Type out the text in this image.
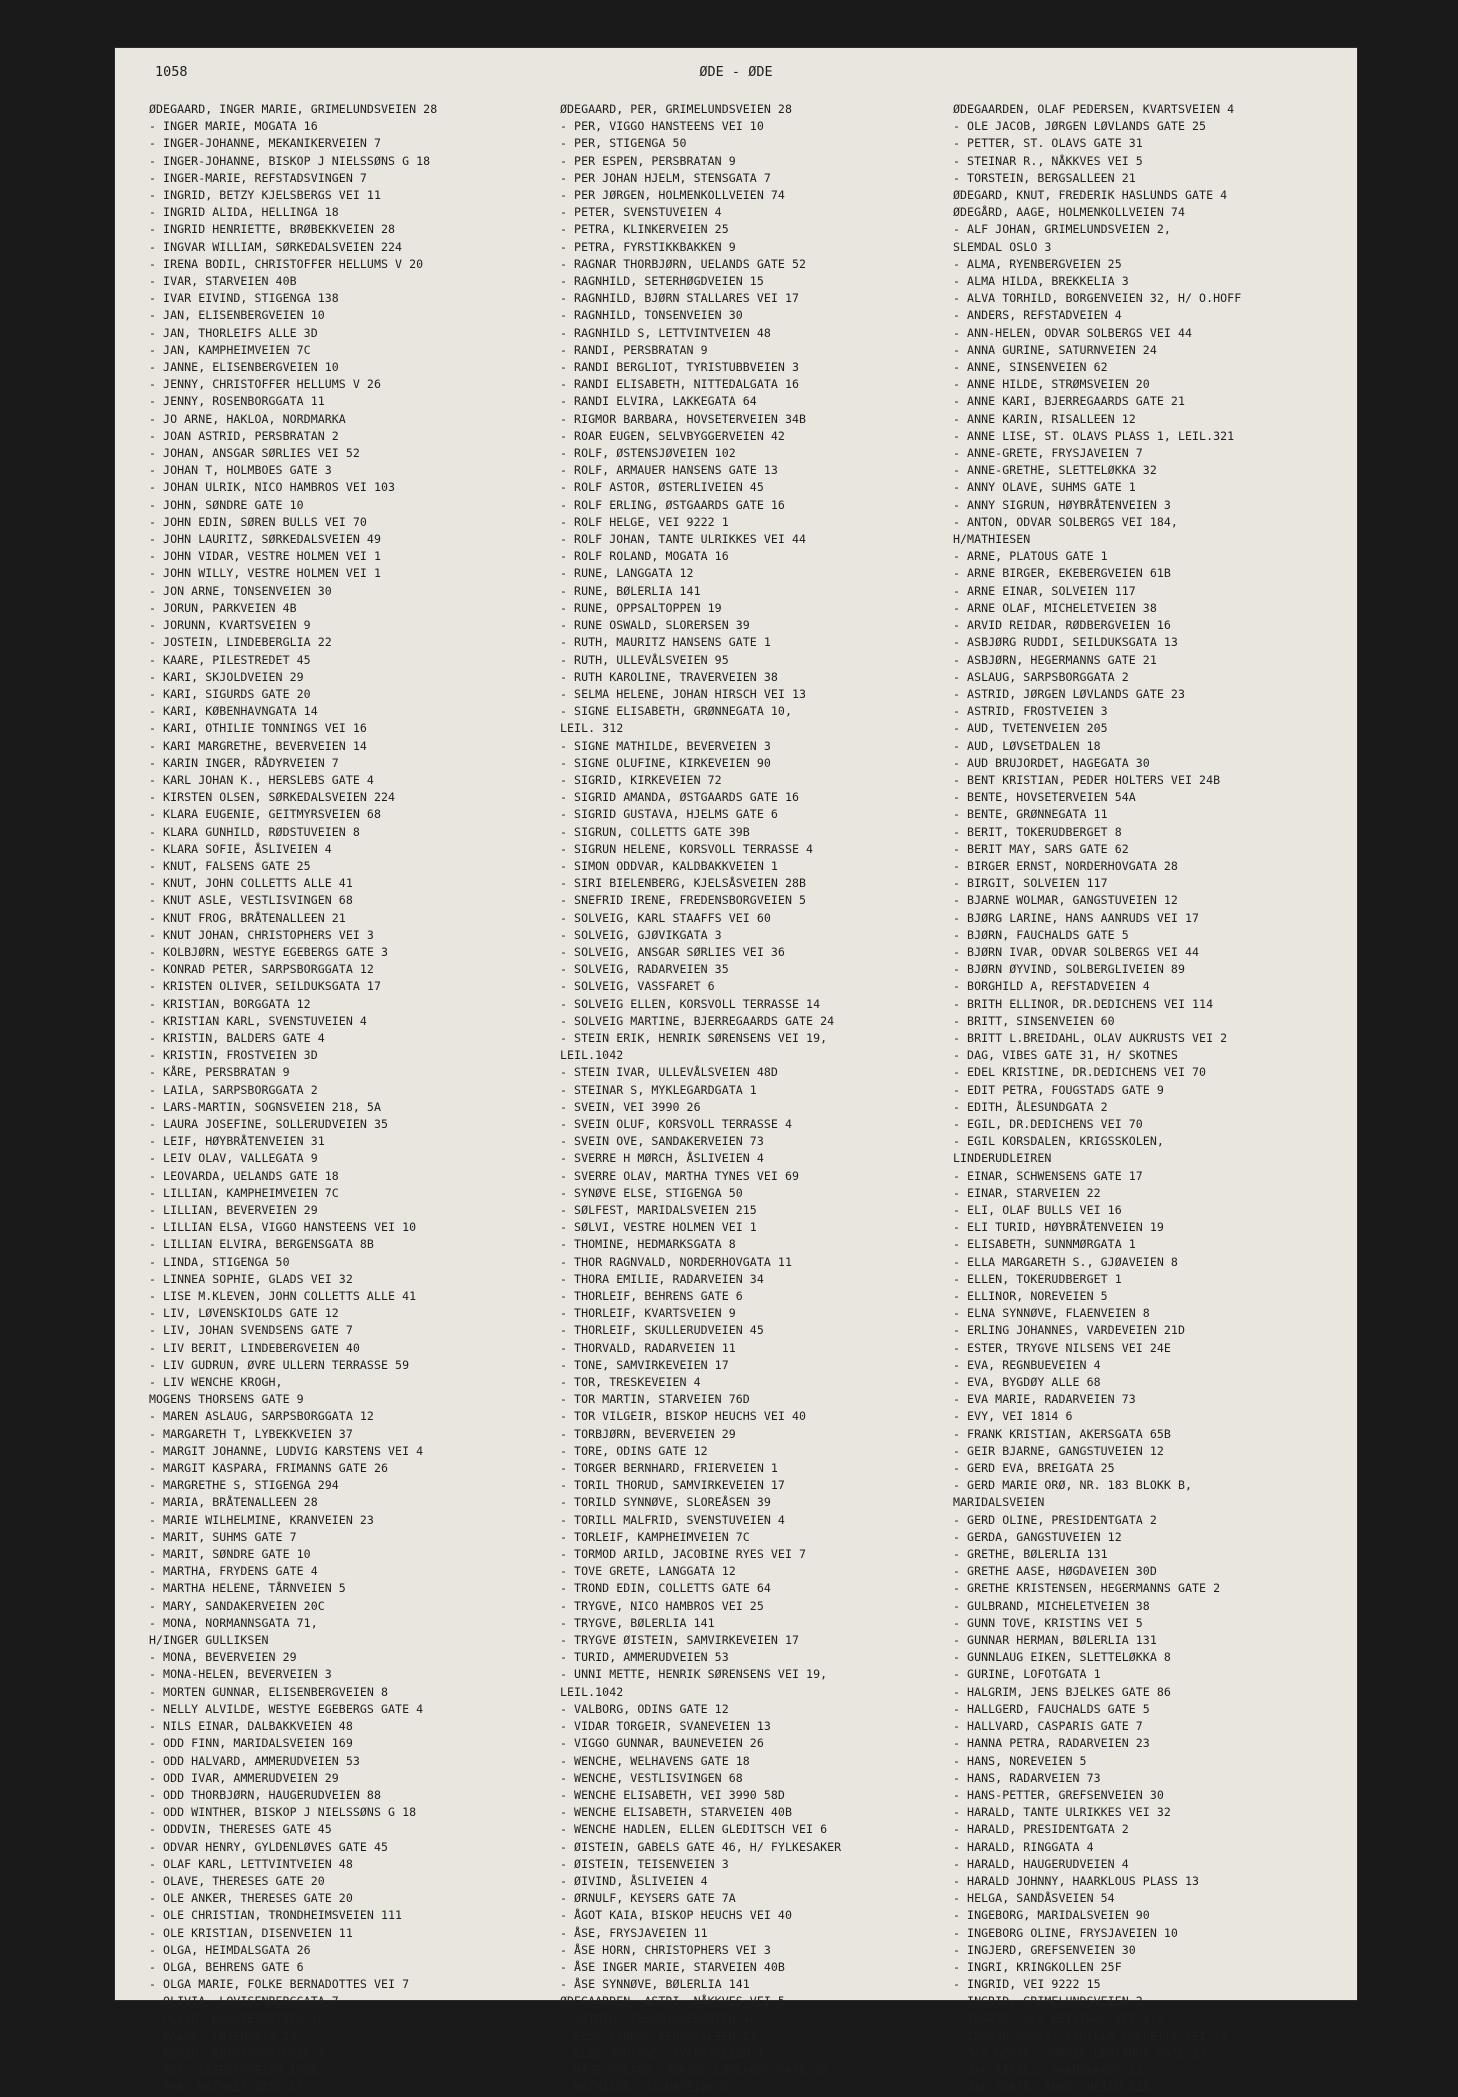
1058	ØDE - ØDE
ØDEGAARD, INGER MARIE, GRIMELUNDSVEIEN 28
- INGER MARIE, MOGATA 16
- INGER-JOHANNE, MEKANIKERVEIEN 7
- INGER-JOHANNE, BISKOP J NIELSSØNS G 18
- INGER-MARIE, REFSTADSVINGEN 7
- INGRID, BETZY KJELSBERGS VEI 11
- INGRID ALIDA, HELLINGA 18
- INGRID HENRIETTE, BRØBEKKVEIEN 28
- INGVAR WILLIAM, SØRKEDALSVEIEN 224
- IRENA BODIL, CHRISTOFFER HELLUMS V 20
- IVAR, STARVEIEN 40B
- IVAR EIVIND, STIGENGA 138
- JAN, ELISENBERGVEIEN 10
- JAN, THORLEIFS ALLE 3D
- JAN, KAMPHEIMVEIEN 7C
- JANNE, ELISENBERGVEIEN 10
- JENNY, CHRISTOFFER HELLUMS V 26
- JENNY, ROSENBORGGATA 11
- JO ARNE, HAKLOA, NORDMARKA
- JOAN ASTRID, PERSBRATAN 2
- JOHAN, ANSGAR SØRLIES VEI 52
- JOHAN T, HOLMBOES GATE 3
- JOHAN ULRIK, NICO HAMBROS VEI 103
- JOHN, SØNDRE GATE 10
- JOHN EDIN, SØREN BULLS VEI 70
- JOHN LAURITZ, SØRKEDALSVEIEN 49
- JOHN VIDAR, VESTRE HOLMEN VEI 1
- JOHN WILLY, VESTRE HOLMEN VEI 1
- JON ARNE, TONSENVEIEN 30
- JORUN, PARKVEIEN 4B
- JORUNN, KVARTSVEIEN 9
- JOSTEIN, LINDEBERGLIA 22
- KAARE, PILESTREDET 45
- KARI, SKJOLDVEIEN 29
- KARI, SIGURDS GATE 20
- KARI, KØBENHAVNGATA 14
- KARI, OTHILIE TONNINGS VEI 16
- KARI MARGRETHE, BEVERVEIEN 14
- KARIN INGER, RÅDYRVEIEN 7
- KARL JOHAN K., HERSLEBS GATE 4
- KIRSTEN OLSEN, SØRKEDALSVEIEN 224
- KLARA EUGENIE, GEITMYRSVEIEN 68
- KLARA GUNHILD, RØDSTUVEIEN 8
- KLARA SOFIE, ÅSLIVEIEN 4
- KNUT, FALSENS GATE 25
- KNUT, JOHN COLLETTS ALLE 41
- KNUT ASLE, VESTLISVINGEN 68
- KNUT FROG, BRÅTENALLEEN 21
- KNUT JOHAN, CHRISTOPHERS VEI 3
- KOLBJØRN, WESTYE EGEBERGS GATE 3
- KONRAD PETER, SARPSBORGGATA 12
- KRISTEN OLIVER, SEILDUKSGATA 17
- KRISTIAN, BORGGATA 12
- KRISTIAN KARL, SVENSTUVEIEN 4
- KRISTIN, BALDERS GATE 4
- KRISTIN, FROSTVEIEN 3D
- KÅRE, PERSBRATAN 9
- LAILA, SARPSBORGGATA 2
- LARS-MARTIN, SOGNSVEIEN 218, 5A
- LAURA JOSEFINE, SOLLERUDVEIEN 35
- LEIF, HØYBRÅTENVEIEN 31
- LEIV OLAV, VALLEGATA 9
- LEOVARDA, UELANDS GATE 18
- LILLIAN, KAMPHEIMVEIEN 7C
- LILLIAN, BEVERVEIEN 29
- LILLIAN ELSA, VIGGO HANSTEENS VEI 10
- LILLIAN ELVIRA, BERGENSGATA 8B
- LINDA, STIGENGA 50
- LINNEA SOPHIE, GLADS VEI 32
- LISE M.KLEVEN, JOHN COLLETTS ALLE 41
- LIV, LØVENSKIOLDS GATE 12
- LIV, JOHAN SVENDSENS GATE 7
- LIV BERIT, LINDEBERGVEIEN 40
- LIV GUDRUN, ØVRE ULLERN TERRASSE 59
- LIV WENCHE KROGH,
MOGENS THORSENS GATE 9
- MAREN ASLAUG, SARPSBORGGATA 12
- MARGARETH T, LYBEKKVEIEN 37
- MARGIT JOHANNE, LUDVIG KARSTENS VEI 4
- MARGIT KASPARA, FRIMANNS GATE 26
- MARGRETHE S, STIGENGA 294
- MARIA, BRÅTENALLEEN 28
- MARIE WILHELMINE, KRANVEIEN 23
- MARIT, SUHMS GATE 7
- MARIT, SØNDRE GATE 10
- MARTHA, FRYDENS GATE 4
- MARTHA HELENE, TÅRNVEIEN 5
- MARY, SANDAKERVEIEN 20C
- MONA, NORMANNSGATA 71,
H/INGER GULLIKSEN
- MONA, BEVERVEIEN 29
- MONA-HELEN, BEVERVEIEN 3
- MORTEN GUNNAR, ELISENBERGVEIEN 8
- NELLY ALVILDE, WESTYE EGEBERGS GATE 4
- NILS EINAR, DALBAKKVEIEN 48
- ODD FINN, MARIDALSVEIEN 169
- ODD HALVARD, AMMERUDVEIEN 53
- ODD IVAR, AMMERUDVEIEN 29
- ODD THORBJØRN, HAUGERUDVEIEN 88
- ODD WINTHER, BISKOP J NIELSSØNS G 18
- ODDVIN, THERESES GATE 45
- ODVAR HENRY, GYLDENLØVES GATE 45
- OLAF KARL, LETTVINTVEIEN 48
- OLAVE, THERESES GATE 20
- OLE ANKER, THERESES GATE 20
- OLE CHRISTIAN, TRONDHEIMSVEIEN 111
- OLE KRISTIAN, DISENVEIEN 11
- OLGA, HEIMDALSGATA 26
- OLGA, BEHRENS GATE 6
- OLGA MARIE, FOLKE BERNADOTTES VEI 7
- OLIVIA, LOVISENBERGGATA 7
- OSKAR, DALSBERGSTIEN 10
- PALMA, TØYENGATA 28
- PEDER, REFSTADSVINGEN 7
- PER, EKEBERGVEIEN 162B
- PER, RATHKES GATE 17
ØDEGAARD, PER, GRIMELUNDSVEIEN 28
- PER, VIGGO HANSTEENS VEI 10
- PER, STIGENGA 50
- PER ESPEN, PERSBRATAN 9
- PER JOHAN HJELM, STENSGATA 7
- PER JØRGEN, HOLMENKOLLVEIEN 74
- PETER, SVENSTUVEIEN 4
- PETRA, KLINKERVEIEN 25
- PETRA, FYRSTIKKBAKKEN 9
- RAGNAR THORBJØRN, UELANDS GATE 52
- RAGNHILD, SETERHØGDVEIEN 15
- RAGNHILD, BJØRN STALLARES VEI 17
- RAGNHILD, TONSENVEIEN 30
- RAGNHILD S, LETTVINTVEIEN 48
- RANDI, PERSBRATAN 9
- RANDI BERGLIOT, TYRISTUBBVEIEN 3
- RANDI ELISABETH, NITTEDALGATA 16
- RANDI ELVIRA, LAKKEGATA 64
- RIGMOR BARBARA, HOVSETERVEIEN 34B
- ROAR EUGEN, SELVBYGGERVEIEN 42
- ROLF, ØSTENSJØVEIEN 102
- ROLF, ARMAUER HANSENS GATE 13
- ROLF ASTOR, ØSTERLIVEIEN 45
- ROLF ERLING, ØSTGAARDS GATE 16
- ROLF HELGE, VEI 9222 1
- ROLF JOHAN, TANTE ULRIKKES VEI 44
- ROLF ROLAND, MOGATA 16
- RUNE, LANGGATA 12
- RUNE, BØLERLIA 141
- RUNE, OPPSALTOPPEN 19
- RUNE OSWALD, SLORERSEN 39
- RUTH, MAURITZ HANSENS GATE 1
- RUTH, ULLEVÅLSVEIEN 95
- RUTH KAROLINE, TRAVERVEIEN 38
- SELMA HELENE, JOHAN HIRSCH VEI 13
- SIGNE ELISABETH, GRØNNEGATA 10,
LEIL. 312
- SIGNE MATHILDE, BEVERVEIEN 3
- SIGNE OLUFINE, KIRKEVEIEN 90
- SIGRID, KIRKEVEIEN 72
- SIGRID AMANDA, ØSTGAARDS GATE 16
- SIGRID GUSTAVA, HJELMS GATE 6
- SIGRUN, COLLETTS GATE 39B
- SIGRUN HELENE, KORSVOLL TERRASSE 4
- SIMON ODDVAR, KALDBAKKVEIEN 1
- SIRI BIELENBERG, KJELSÅSVEIEN 28B
- SNEFRID IRENE, FREDENSBORGVEIEN 5
- SOLVEIG, KARL STAAFFS VEI 60
- SOLVEIG, GJØVIKGATA 3
- SOLVEIG, ANSGAR SØRLIES VEI 36
- SOLVEIG, RADARVEIEN 35
- SOLVEIG, VASSFARET 6
- SOLVEIG ELLEN, KORSVOLL TERRASSE 14
- SOLVEIG MARTINE, BJERREGAARDS GATE 24
- STEIN ERIK, HENRIK SØRENSENS VEI 19,
LEIL.1042
- STEIN IVAR, ULLEVÅLSVEIEN 48D
- STEINAR S, MYKLEGARDGATA 1
- SVEIN, VEI 3990 26
- SVEIN OLUF, KORSVOLL TERRASSE 4
- SVEIN OVE, SANDAKERVEIEN 73
- SVERRE H MØRCH, ÅSLIVEIEN 4
- SVERRE OLAV, MARTHA TYNES VEI 69
- SYNØVE ELSE, STIGENGA 50
- SØLFEST, MARIDALSVEIEN 215
- SØLVI, VESTRE HOLMEN VEI 1
- THOMINE, HEDMARKSGATA 8
- THOR RAGNVALD, NORDERHOVGATA 11
- THORA EMILIE, RADARVEIEN 34
- THORLEIF, BEHRENS GATE 6
- THORLEIF, KVARTSVEIEN 9
- THORLEIF, SKULLERUDVEIEN 45
- THORVALD, RADARVEIEN 11
- TONE, SAMVIRKEVEIEN 17
- TOR, TRESKEVEIEN 4
- TOR MARTIN, STARVEIEN 76D
- TOR VILGEIR, BISKOP HEUCHS VEI 40
- TORBJØRN, BEVERVEIEN 29
- TORE, ODINS GATE 12
- TORGER BERNHARD, FRIERVEIEN 1
- TORIL THORUD, SAMVIRKEVEIEN 17
- TORILD SYNNØVE, SLOREÅSEN 39
- TORILL MALFRID, SVENSTUVEIEN 4
- TORLEIF, KAMPHEIMVEIEN 7C
- TORMOD ARILD, JACOBINE RYES VEI 7
- TOVE GRETE, LANGGATA 12
- TROND EDIN, COLLETTS GATE 64
- TRYGVE, NICO HAMBROS VEI 25
- TRYGVE, BØLERLIA 141
- TRYGVE ØISTEIN, SAMVIRKEVEIEN 17
- TURID, AMMERUDVEIEN 53
- UNNI METTE, HENRIK SØRENSENS VEI 19,
LEIL.1042
- VALBORG, ODINS GATE 12
- VIDAR TORGEIR, SVANEVEIEN 13
- VIGGO GUNNAR, BAUNEVEIEN 26
- WENCHE, WELHAVENS GATE 18
- WENCHE, VESTLISVINGEN 68
- WENCHE ELISABETH, VEI 3990 58D
- WENCHE ELISABETH, STARVEIEN 40B
- WENCHE HADLEN, ELLEN GLEDITSCH VEI 6
- ØISTEIN, GABELS GATE 46, H/ FYLKESAKER
- ØISTEIN, TEISENVEIEN 3
- ØIVIND, ÅSLIVEIEN 4
- ØRNULF, KEYSERS GATE 7A
- ÅGOT KAIA, BISKOP HEUCHS VEI 40
- ÅSE, FRYSJAVEIEN 11
- ÅSE HORN, CHRISTOPHERS VEI 3
- ÅSE INGER MARIE, STARVEIEN 40B
- ÅSE SYNNØVE, BØLERLIA 141
ØDEGAARDEN, ASTRI, NÅKKVES VEI 5
- ASTRID, SELVBYGGERVEIEN 46
- ELSE BJØRG, BERGSALLEEN 21
- ELSE JOHANNE, KVARTSVEIEN 4
- HÅGE OMLAND, JØRGEN LØVLANDS GATE 25
- MATHILDE, SILURVEIEN 8
ØDEGAARDEN, OLAF PEDERSEN, KVARTSVEIEN 4
- OLE JACOB, JØRGEN LØVLANDS GATE 25
- PETTER, ST. OLAVS GATE 31
- STEINAR R., NÅKKVES VEI 5
- TORSTEIN, BERGSALLEEN 21
ØDEGARD, KNUT, FREDERIK HASLUNDS GATE 4
ØDEGÅRD, AAGE, HOLMENKOLLVEIEN 74
- ALF JOHAN, GRIMELUNDSVEIEN 2,
SLEMDAL OSLO 3
- ALMA, RYENBERGVEIEN 25
- ALMA HILDA, BREKKELIA 3
- ALVA TORHILD, BORGENVEIEN 32, H/ O.HOFF
- ANDERS, REFSTADVEIEN 4
- ANN-HELEN, ODVAR SOLBERGS VEI 44
- ANNA GURINE, SATURNVEIEN 24
- ANNE, SINSENVEIEN 62
- ANNE HILDE, STRØMSVEIEN 20
- ANNE KARI, BJERREGAARDS GATE 21
- ANNE KARIN, RISALLEEN 12
- ANNE LISE, ST. OLAVS PLASS 1, LEIL.321
- ANNE-GRETE, FRYSJAVEIEN 7
- ANNE-GRETHE, SLETTELØKKA 32
- ANNY OLAVE, SUHMS GATE 1
- ANNY SIGRUN, HØYBRÅTENVEIEN 3
- ANTON, ODVAR SOLBERGS VEI 184,
H/MATHIESEN
- ARNE, PLATOUS GATE 1
- ARNE BIRGER, EKEBERGVEIEN 61B
- ARNE EINAR, SOLVEIEN 117
- ARNE OLAF, MICHELETVEIEN 38
- ARVID REIDAR, RØDBERGVEIEN 16
- ASBJØRG RUDDI, SEILDUKSGATA 13
- ASBJØRN, HEGERMANNS GATE 21
- ASLAUG, SARPSBORGGATA 2
- ASTRID, JØRGEN LØVLANDS GATE 23
- ASTRID, FROSTVEIEN 3
- AUD, TVETENVEIEN 205
- AUD, LØVSETDALEN 18
- AUD BRUJORDET, HAGEGATA 30
- BENT KRISTIAN, PEDER HOLTERS VEI 24B
- BENTE, HOVSETERVEIEN 54A
- BENTE, GRØNNEGATA 11
- BERIT, TOKERUDBERGET 8
- BERIT MAY, SARS GATE 62
- BIRGER ERNST, NORDERHOVGATA 28
- BIRGIT, SOLVEIEN 117
- BJARNE WOLMAR, GANGSTUVEIEN 12
- BJØRG LARINE, HANS AANRUDS VEI 17
- BJØRN, FAUCHALDS GATE 5
- BJØRN IVAR, ODVAR SOLBERGS VEI 44
- BJØRN ØYVIND, SOLBERGLIVEIEN 89
- BORGHILD A, REFSTADVEIEN 4
- BRITH ELLINOR, DR.DEDICHENS VEI 114
- BRITT, SINSENVEIEN 60
- BRITT L.BREIDAHL, OLAV AUKRUSTS VEI 2
- DAG, VIBES GATE 31, H/ SKOTNES
- EDEL KRISTINE, DR.DEDICHENS VEI 70
- EDIT PETRA, FOUGSTADS GATE 9
- EDITH, ÅLESUNDGATA 2
- EGIL, DR.DEDICHENS VEI 70
- EGIL KORSDALEN, KRIGSSKOLEN,
LINDERUDLEIREN
- EINAR, SCHWENSENS GATE 17
- EINAR, STARVEIEN 22
- ELI, OLAF BULLS VEI 16
- ELI TURID, HØYBRÅTENVEIEN 19
- ELISABETH, SUNNMØRGATA 1
- ELLA MARGARETH S., GJØAVEIEN 8
- ELLEN, TOKERUDBERGET 1
- ELLINOR, NOREVEIEN 5
- ELNA SYNNØVE, FLAENVEIEN 8
- ERLING JOHANNES, VARDEVEIEN 21D
- ESTER, TRYGVE NILSENS VEI 24E
- EVA, REGNBUEVEIEN 4
- EVA, BYGDØY ALLE 68
- EVA MARIE, RADARVEIEN 73
- EVY, VEI 1814 6
- FRANK KRISTIAN, AKERSGATA 65B
- GEIR BJARNE, GANGSTUVEIEN 12
- GERD EVA, BREIGATA 25
- GERD MARIE ORØ, NR. 183 BLOKK B,
MARIDALSVEIEN
- GERD OLINE, PRESIDENTGATA 2
- GERDA, GANGSTUVEIEN 12
- GRETHE, BØLERLIA 131
- GRETHE AASE, HØGDAVEIEN 30D
- GRETHE KRISTENSEN, HEGERMANNS GATE 2
- GULBRAND, MICHELETVEIEN 38
- GUNN TOVE, KRISTINS VEI 5
- GUNNAR HERMAN, BØLERLIA 131
- GUNNLAUG EIKEN, SLETTELØKKA 8
- GURINE, LOFOTGATA 1
- HALGRIM, JENS BJELKES GATE 86
- HALLGERD, FAUCHALDS GATE 5
- HALLVARD, CASPARIS GATE 7
- HANNA PETRA, RADARVEIEN 23
- HANS, NOREVEIEN 5
- HANS, RADARVEIEN 73
- HANS-PETTER, GREFSENVEIEN 30
- HARALD, TANTE ULRIKKES VEI 32
- HARALD, PRESIDENTGATA 2
- HARALD, RINGGATA 4
- HARALD, HAUGERUDVEIEN 4
- HARALD JOHNNY, HAARKLOUS PLASS 13
- HELGA, SANDÅSVEIEN 54
- INGEBORG, MARIDALSVEIEN 90
- INGEBORG OLINE, FRYSJAVEIEN 10
- INGJERD, GREFSENVEIEN 30
- INGRI, KRINGKOLLEN 25F
- INGRID, VEI 9222 15
- INGRID, GRIMELUNDSVEIEN 2
- INGRID, OLE REISTADS VEI 41A
- INGRID MARIE, CAMILLA COLLETTS VEI 18
- JAN GEORG, JØRGEN LØVLANDS GATE 23
- JAN KIRILL, SKAUSNARET 11
- JAN TERJE, ÅRVOLLVEIEN 42A
